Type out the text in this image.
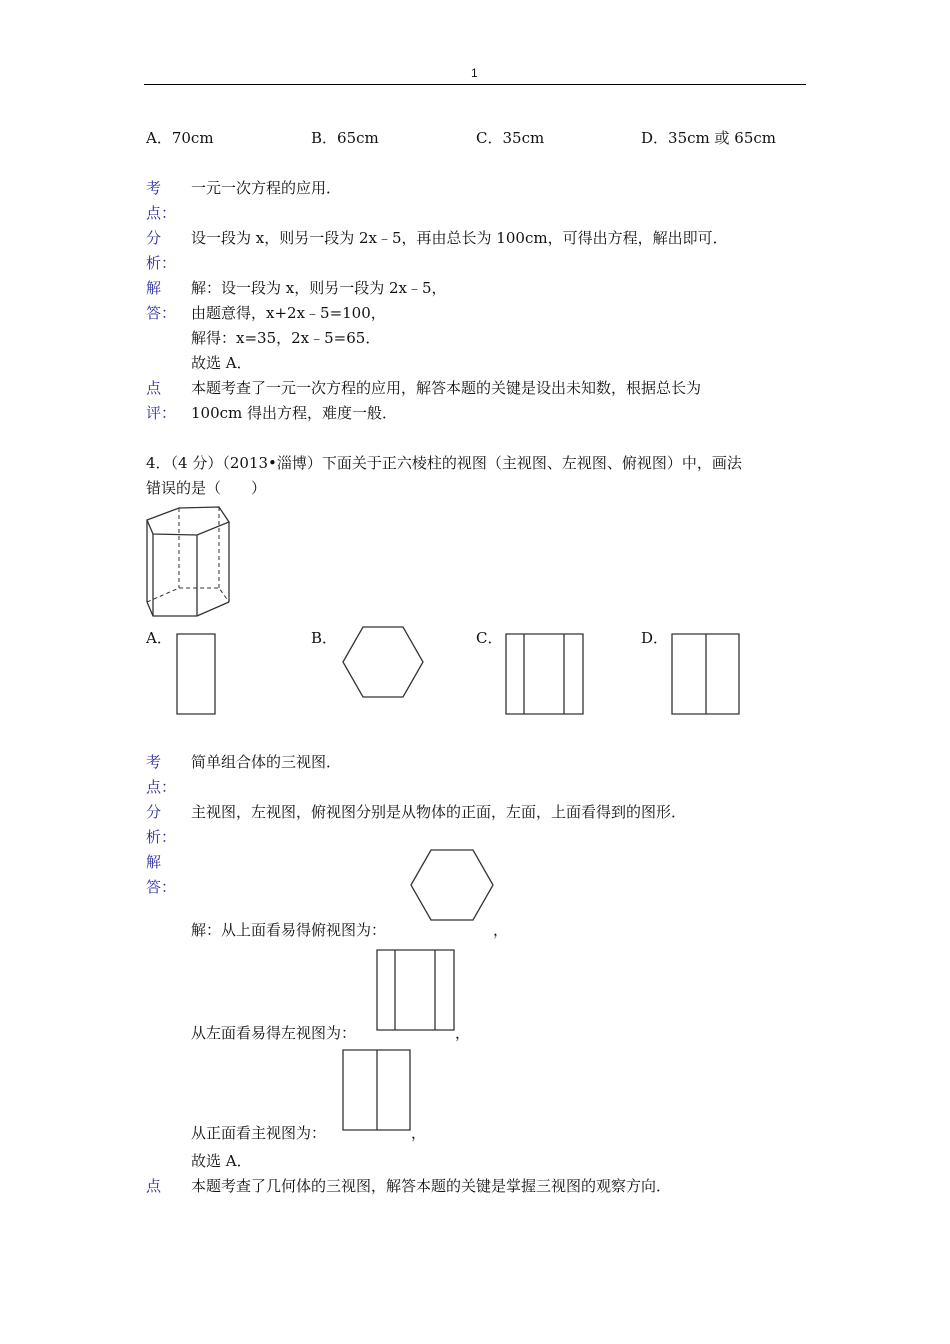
1
A．70cm	B．65cm	C．35cm	D．35cm 或 65cm
考
点：
一元一次方程的应用．
分
析：
设一段为 x，则另一段为 2x﹣5，再由总长为 100cm，可得出方程，解出即可．
解
答：
解：设一段为 x，则另一段为 2x﹣5，
由题意得，x+2x﹣5=100，
解得：x=35，2x﹣5=65．
故选 A．
点
评：
本题考查了一元一次方程的应用，解答本题的关键是设出未知数，根据总长为
100cm 得出方程，难度一般．
4．（4 分）（2013•淄博）下面关于正六棱柱的视图（主视图、左视图、俯视图）中，画法
错误的是（　　）
A．	B．	C．	D．
考
点：
简单组合体的三视图．
分
析：
主视图，左视图，俯视图分别是从物体的正面，左面，上面看得到的图形．
解
答：
解：从上面看易得俯视图为：	，
从左面看易得左视图为：	，
从正面看主视图为：	，
故选 A．
点 本题考查了几何体的三视图，解答本题的关键是掌握三视图的观察方向．
